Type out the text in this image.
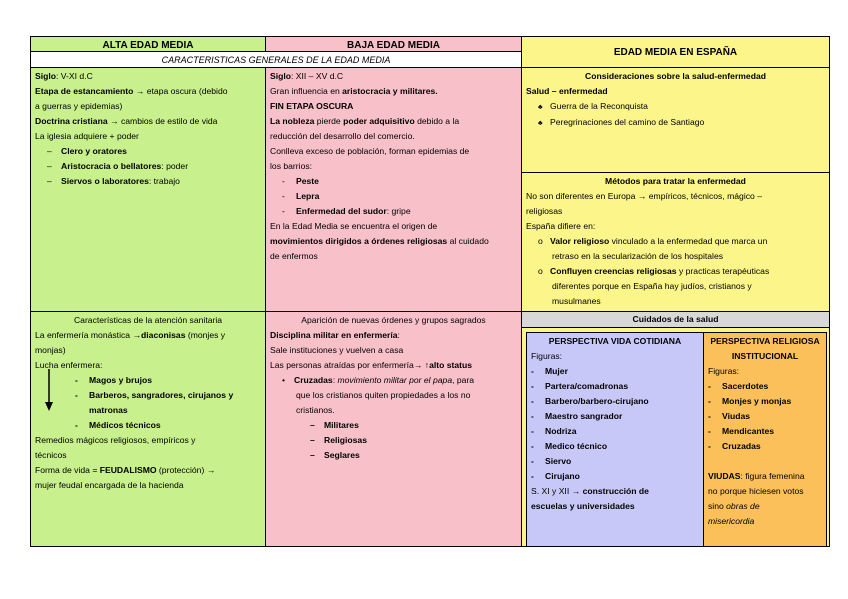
ALTA EDAD MEDIA	BAJA EDAD MEDIA
EDAD MEDIA EN ESPAÑA
CARACTERISTICAS GENERALES DE LA EDAD MEDIA
Siglo: V-XI d.C
Etapa de estancamiento → etapa oscura (debido
a guerras y epidemias)
Doctrina cristiana → cambios de estilo de vida
La iglesia adquiere + poder
– Clero y oratores
– Aristocracia o bellatores: poder
– Siervos o laboratores: trabajo
Siglo: XII – XV d.C
Gran influencia en aristocracia y militares.
FIN ETAPA OSCURA
La nobleza pierde poder adquisitivo debido a la
reducción del desarrollo del comercio.
Conlleva exceso de población, forman epidemias de
los barrios:
- Peste
- Lepra
- Enfermedad del sudor: gripe
En la Edad Media se encuentra el origen de
movimientos dirigidos a órdenes religiosas al cuidado
de enfermos
Consideraciones sobre la salud-enfermedad
Salud – enfermedad
♣ Guerra de la Reconquista
♣ Peregrinaciones del camino de Santiago
Métodos para tratar la enfermedad
No son diferentes en Europa → empíricos, técnicos, mágico –
religiosas
España difiere en:
o Valor religioso vinculado a la enfermedad que marca un
retraso en la secularización de los hospitales
o Confluyen creencias religiosas y practicas terapéuticas
diferentes porque en España hay judíos, cristianos y
musulmanes
Características de la atención sanitaria
La enfermería monástica →diaconisas (monjes y
monjas)
Lucha enfermera:
- Magos y brujos
- Barberos, sangradores, cirujanos y
matronas
- Médicos técnicos
Remedios mágicos religiosos, empíricos y
técnicos
Forma de vida = FEUDALISMO (protección) →
mujer feudal encargada de la hacienda
Aparición de nuevas órdenes y grupos sagrados
Disciplina militar en enfermería:
Sale instituciones y vuelven a casa
Las personas atraídas por enfermería→ ↑alto status
• Cruzadas: movimiento militar por el papa, para
que los cristianos quiten propiedades a los no
cristianos.
– Militares
– Religiosas
– Seglares
Cuidados de la salud
PERSPECTIVA VIDA COTIDIANA
Figuras:
- Mujer
- Partera/comadronas
- Barbero/barbero-cirujano
- Maestro sangrador
- Nodriza
- Medico técnico
- Siervo
- Cirujano
S. XI y XII → construcción de
escuelas y universidades
PERSPECTIVA RELIGIOSA
INSTITUCIONAL
Figuras:
- Sacerdotes
- Monjes y monjas
- Viudas
- Mendicantes
- Cruzadas
VIUDAS: figura femenina
no porque hiciesen votos
sino obras de
misericordia
